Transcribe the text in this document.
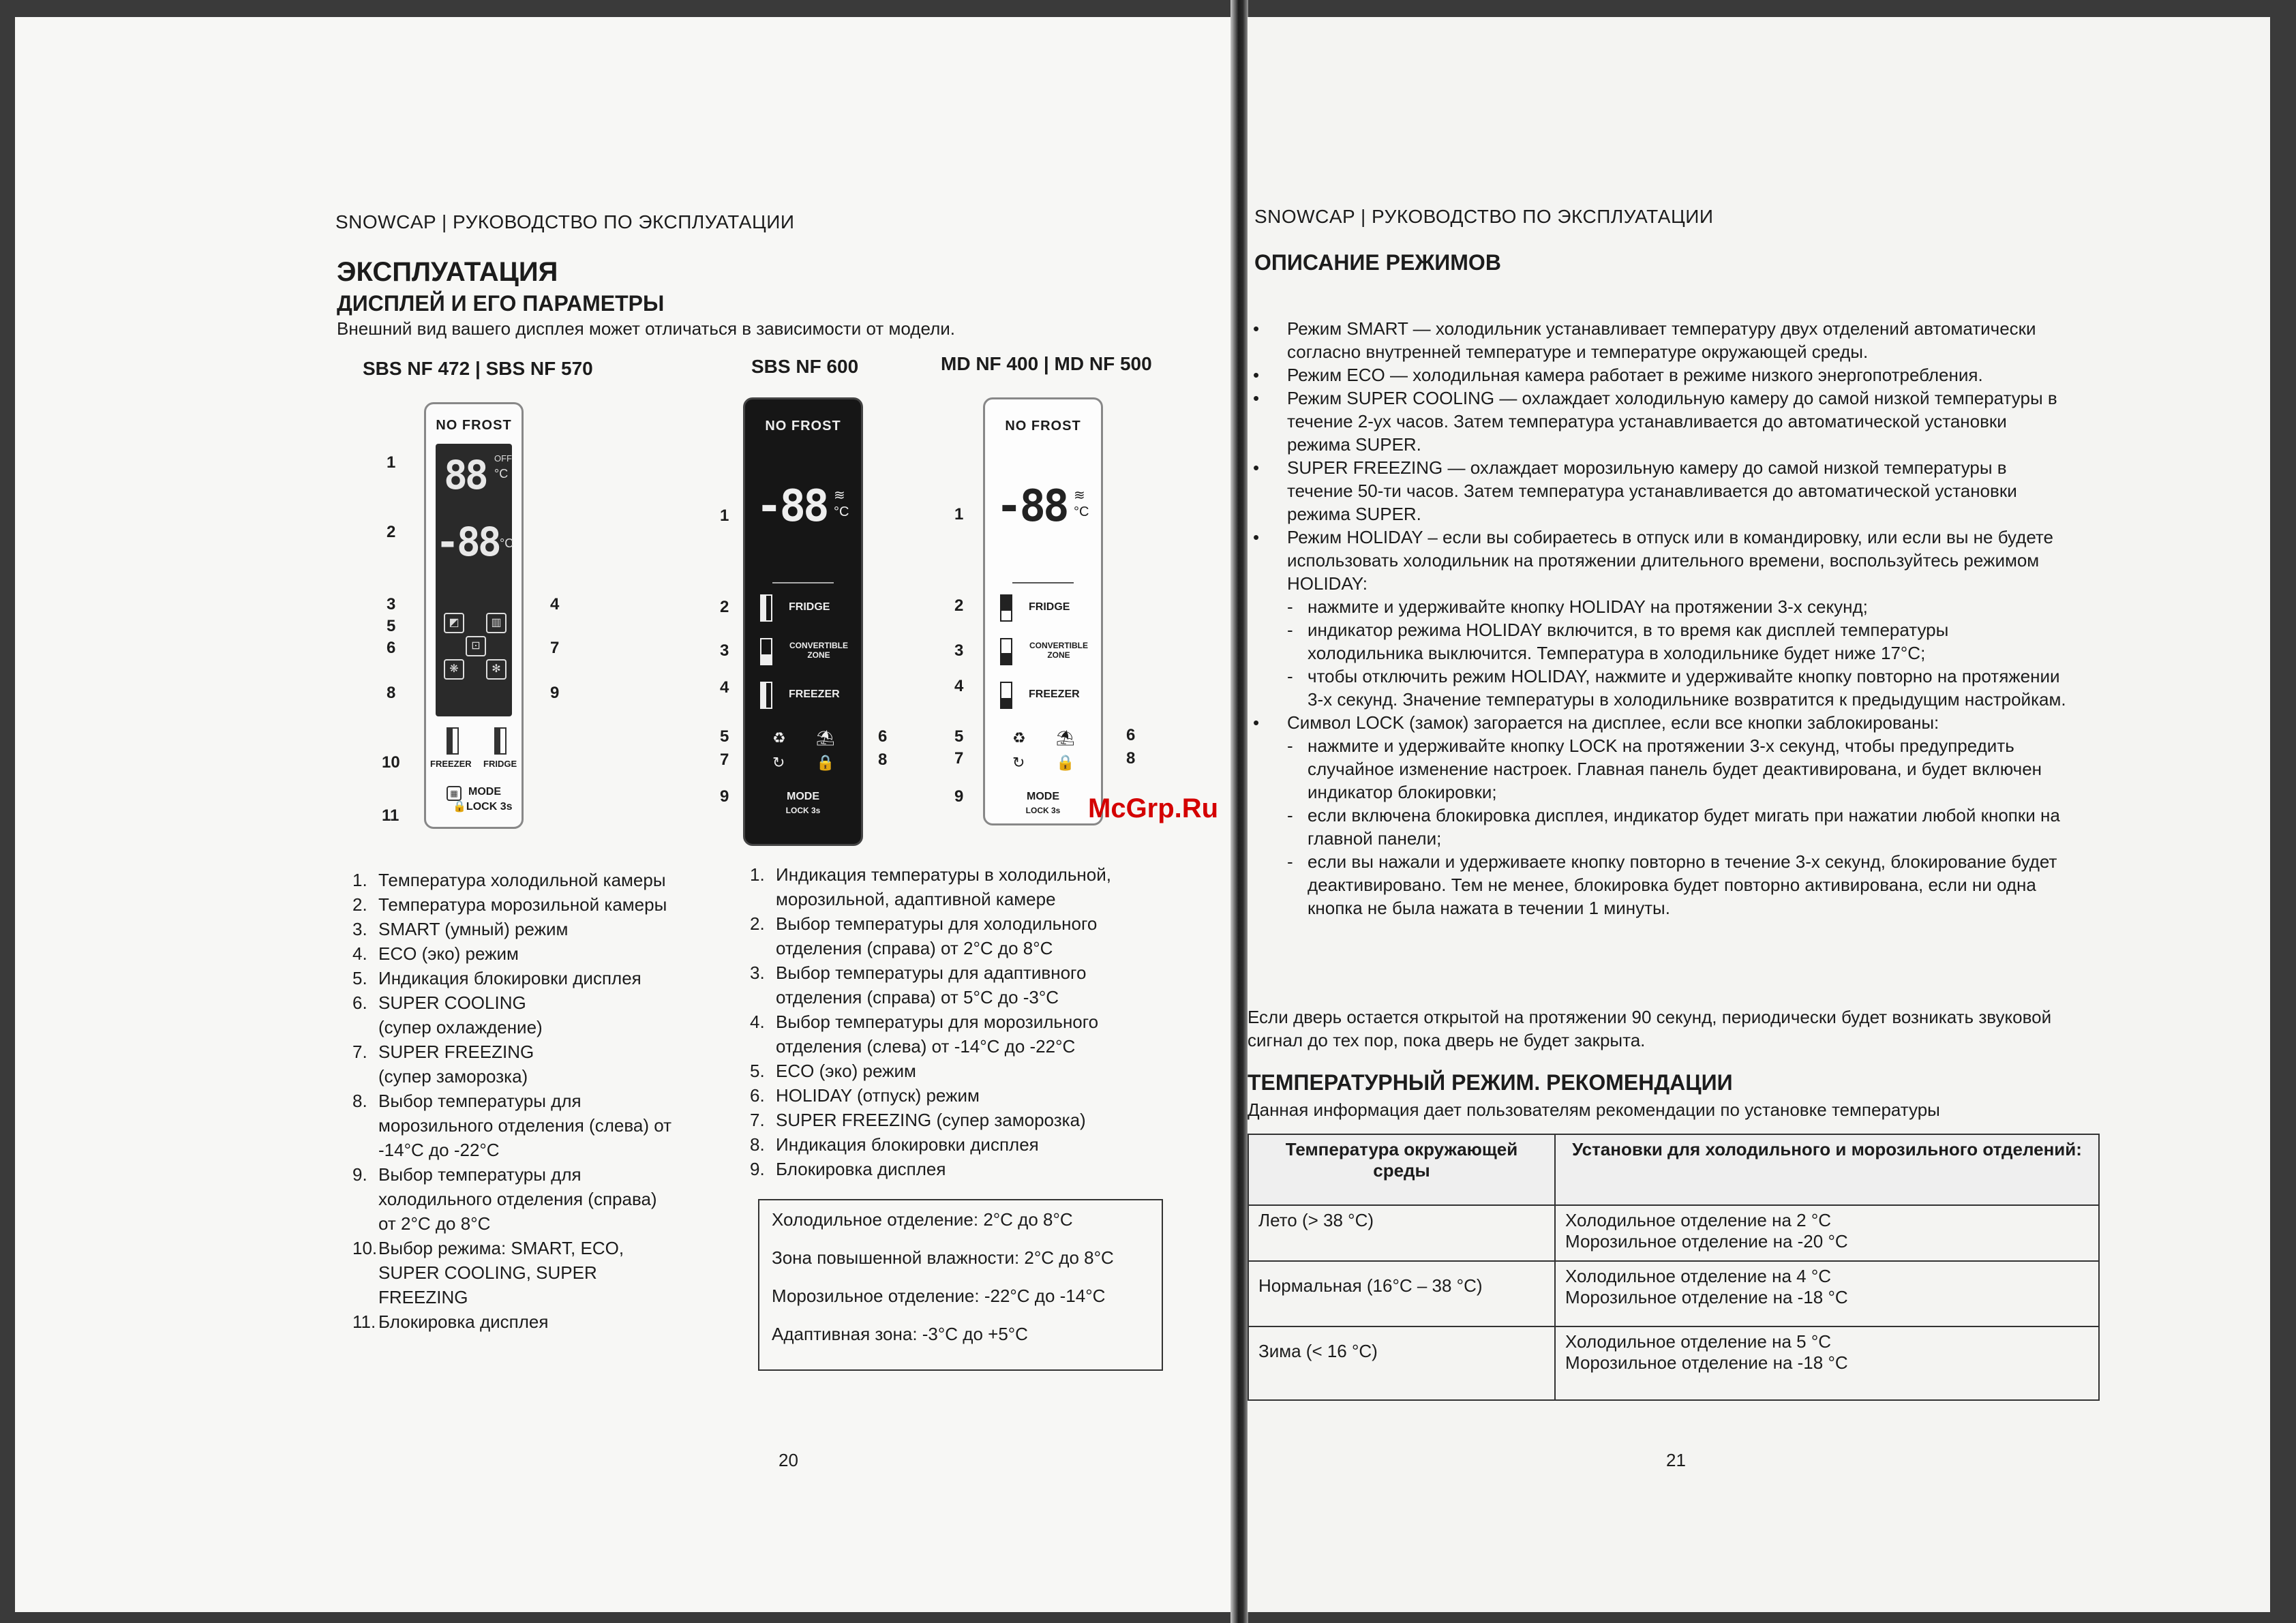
SNOWCAP | РУКОВОДСТВО ПО ЭКСПЛУАТАЦИИ
ЭКСПЛУАТАЦИЯ
ДИСПЛЕЙ И ЕГО ПАРАМЕТРЫ
Внешний вид вашего дисплея может отличаться в зависимости от модели.
SBS NF 472 | SBS NF 570	SBS NF 600	MD NF 400 | MD NF 500
NO FROST
88 OFF
°C
-88 °C
◩	▥
⊡
❋	✻
FREEZER FRIDGE
▦ MODE
🔒LOCK 3s
1
2
3
5
6
8
10
11
4
7
9
NO FROST
-88 ≋
°C
FRIDGE
CONVERTIBLE ZONE
FREEZER
♻ ⛱
↻ 🔒
MODE
LOCK 3s
1
2
3
4
5
7
9
6
8
NO FROST
-88 ≋
°C
FRIDGE
CONVERTIBLE ZONE
FREEZER
♻ ⛱
↻ 🔒
MODE
LOCK 3s
1
2
3
4
5
7
9
6
8
1. Температура холодильной камеры
2. Температура морозильной камеры
3. SMART (умный) режим
4. ECO (эко) режим
5. Индикация блокировки дисплея
6. SUPER COOLING
(супер охлаждение)
7. SUPER FREEZING
(супер заморозка)
8. Выбор температуры для
морозильного отделения (слева) от
-14°C до -22°C
9. Выбор температуры для
холодильного отделения (справа)
от 2°C до 8°C
10. Выбор режима: SMART, ECO,
SUPER COOLING, SUPER
FREEZING
11. Блокировка дисплея
1. Индикация температуры в холодильной,
морозильной, адаптивной камере
2. Выбор температуры для холодильного
отделения (справа) от 2°C до 8°C
3. Выбор температуры для адаптивного
отделения (справа) от 5°C до -3°C
4. Выбор температуры для морозильного
отделения (слева) от -14°C до -22°C
5. ECO (эко) режим
6. HOLIDAY (отпуск) режим
7. SUPER FREEZING (супер заморозка)
8. Индикация блокировки дисплея
9. Блокировка дисплея
Холодильное отделение: 2°C до 8°C
Зона повышенной влажности: 2°C до 8°C
Морозильное отделение: -22°C до -14°C
Адаптивная зона: -3°C до +5°C
20
SNOWCAP | РУКОВОДСТВО ПО ЭКСПЛУАТАЦИИ
ОПИСАНИЕ РЕЖИМОВ
• Режим SMART — холодильник устанавливает температуру двух отделений автоматически
согласно внутренней температуре и температуре окружающей среды.
• Режим ECO — холодильная камера работает в режиме низкого энергопотребления.
• Режим SUPER COOLING — охлаждает холодильную камеру до самой низкой температуры в
течение 2-ух часов. Затем температура устанавливается до автоматической установки
режима SUPER.
• SUPER FREEZING — охлаждает морозильную камеру до самой низкой температуры в
течение 50-ти часов. Затем температура устанавливается до автоматической установки
режима SUPER.
• Режим HOLIDAY – если вы собираетесь в отпуск или в командировку, или если вы не будете
использовать холодильник на протяжении длительного времени, воспользуйтесь режимом
HOLIDAY:
- нажмите и удерживайте кнопку HOLIDAY на протяжении 3-х секунд;
- индикатор режима HOLIDAY включится, в то время как дисплей температуры
холодильника выключится. Температура в холодильнике будет ниже 17°C;
- чтобы отключить режим HOLIDAY, нажмите и удерживайте кнопку повторно на протяжении
3-х секунд. Значение температуры в холодильнике возвратится к предыдущим настройкам.
• Символ LOCK (замок) загорается на дисплее, если все кнопки заблокированы:
- нажмите и удерживайте кнопку LOCK на протяжении 3-х секунд, чтобы предупредить
случайное изменение настроек. Главная панель будет деактивирована, и будет включен
индикатор блокировки;
- если включена блокировка дисплея, индикатор будет мигать при нажатии любой кнопки на
главной панели;
- если вы нажали и удерживаете кнопку повторно в течение 3-х секунд, блокирование будет
деактивировано. Тем не менее, блокировка будет повторно активирована, если ни одна
кнопка не была нажата в течении 1 минуты.
Если дверь остается открытой на протяжении 90 секунд, периодически будет возникать звуковой
сигнал до тех пор, пока дверь не будет закрыта.
ТЕМПЕРАТУРНЫЙ РЕЖИМ. РЕКОМЕНДАЦИИ
Данная информация дает пользователям рекомендации по установке температуры
Температура окружающей среды	Установки для холодильного и морозильного отделений:
Лето (> 38 °C)	Холодильное отделение на 2 °C
Морозильное отделение на -20 °C

Нормальная (16°C – 38 °C)	Холодильное отделение на 4 °C
Морозильное отделение на -18 °C

Зима (< 16 °C)	Холодильное отделение на 5 °C
Морозильное отделение на -18 °C
21
McGrp.Ru
